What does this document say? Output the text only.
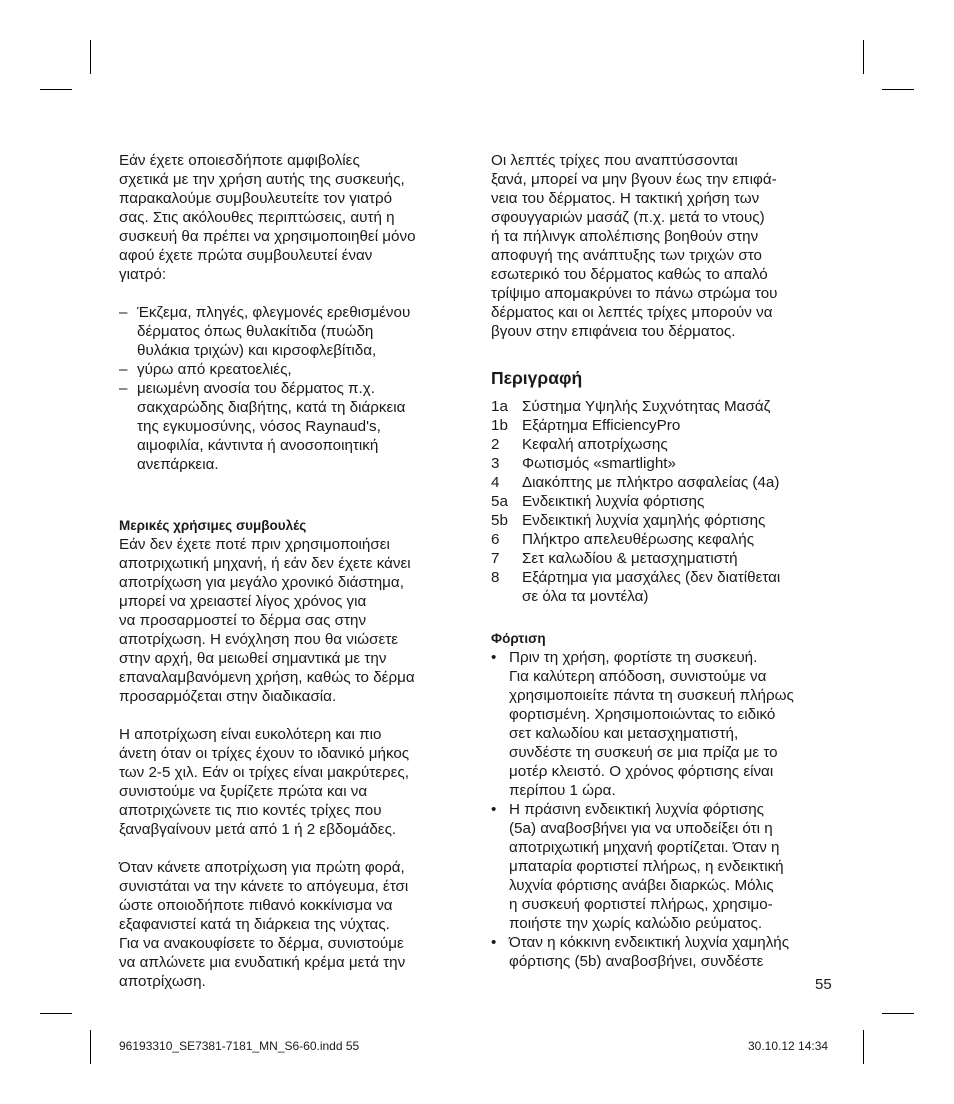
Εάν έχετε οποιεσδήποτε αμφιβολίες
σχετικά με την χρήση αυτής της συσκευής,
παρακαλούμε συμβουλευτείτε τον γιατρό
σας. Στις ακόλουθες περιπτώσεις, αυτή η
συσκευή θα πρέπει να χρησιμοποιηθεί μόνο
αφού έχετε πρώτα συμβουλευτεί έναν
γιατρό:

– Έκζεμα, πληγές, φλεγμονές ερεθισμένου
δέρματος όπως θυλακίτιδα (πυώδη
θυλάκια τριχών) και κιρσοφλεβίτιδα,
– γύρω από κρεατοελιές,
– μειωμένη ανοσία του δέρματος π.χ.
σακχαρώδης διαβήτης, κατά τη διάρκεια
της εγκυμοσύνης, νόσος Raynaud's,
αιμοφιλία, κάντιντα ή ανοσοποιητική
ανεπάρκεια.
Μερικές χρήσιμες συμβουλές

Εάν δεν έχετε ποτέ πριν χρησιμοποιήσει
αποτριχωτική μηχανή, ή εάν δεν έχετε κάνει
αποτρίχωση για μεγάλο χρονικό διάστημα,
μπορεί να χρειαστεί λίγος χρόνος για
να προσαρμοστεί το δέρμα σας στην
αποτρίχωση. Η ενόχληση που θα νιώσετε
στην αρχή, θα μειωθεί σημαντικά με την
επαναλαμβανόμενη χρήση, καθώς το δέρμα
προσαρμόζεται στην διαδικασία.

Η αποτρίχωση είναι ευκολότερη και πιο
άνετη όταν οι τρίχες έχουν το ιδανικό μήκος
των 2-5 χιλ. Εάν οι τρίχες είναι μακρύτερες,
συνιστούμε να ξυρίζετε πρώτα και να
αποτριχώνετε τις πιο κοντές τρίχες που
ξαναβγαίνουν μετά από 1 ή 2 εβδομάδες.

Όταν κάνετε αποτρίχωση για πρώτη φορά,
συνιστάται να την κάνετε το απόγευμα, έτσι
ώστε οποιοδήποτε πιθανό κοκκίνισμα να
εξαφανιστεί κατά τη διάρκεια της νύχτας.
Για να ανακουφίσετε το δέρμα, συνιστούμε
να απλώνετε μια ενυδατική κρέμα μετά την
αποτρίχωση.

Οι λεπτές τρίχες που αναπτύσσονται
ξανά, μπορεί να μην βγουν έως την επιφά-
νεια του δέρματος. Η τακτική χρήση των
σφουγγαριών μασάζ (π.χ. μετά το ντους)
ή τα πήλινγκ απολέπισης βοηθούν στην
αποφυγή της ανάπτυξης των τριχών στο
εσωτερικό του δέρματος καθώς το απαλό
τρίψιμο απομακρύνει το πάνω στρώμα του
δέρματος και οι λεπτές τρίχες μπορούν να
βγουν στην επιφάνεια του δέρματος.

Περιγραφή
1a Σύστημα Υψηλής Συχνότητας Μασάζ
1b Εξάρτημα EfficiencyPro
2 Κεφαλή αποτρίχωσης
3 Φωτισμός «smartlight»
4 Διακόπτης με πλήκτρο ασφαλείας (4a)
5a Ενδεικτική λυχνία φόρτισης
5b Ενδεικτική λυχνία χαμηλής φόρτισης
6 Πλήκτρο απελευθέρωσης κεφαλής
7 Σετ καλωδίου & μετασχηματιστή
8 Εξάρτημα για μασχάλες (δεν διατίθεται
σε όλα τα μοντέλα)
Φόρτιση
• Πριν τη χρήση, φορτίστε τη συσκευή.
Για καλύτερη απόδοση, συνιστούμε να
χρησιμοποιείτε πάντα τη συσκευή πλήρως
φορτισμένη. Χρησιμοποιώντας το ειδικό
σετ καλωδίου και μετασχηματιστή,
συνδέστε τη συσκευή σε μια πρίζα με το
μοτέρ κλειστό. Ο χρόνος φόρτισης είναι
περίπου 1 ώρα.
• Η πράσινη ενδεικτική λυχνία φόρτισης
(5a) αναβοσβήνει για να υποδείξει ότι η
αποτριχωτική μηχανή φορτίζεται. Όταν η
μπαταρία φορτιστεί πλήρως, η ενδεικτική
λυχνία φόρτισης ανάβει διαρκώς. Μόλις
η συσκευή φορτιστεί πλήρως, χρησιμο-
ποιήστε την χωρίς καλώδιο ρεύματος.
• Όταν η κόκκινη ενδεικτική λυχνία χαμηλής
φόρτισης (5b) αναβοσβήνει, συνδέστε
55
96193310_SE7381-7181_MN_S6-60.indd 55	30.10.12 14:34
